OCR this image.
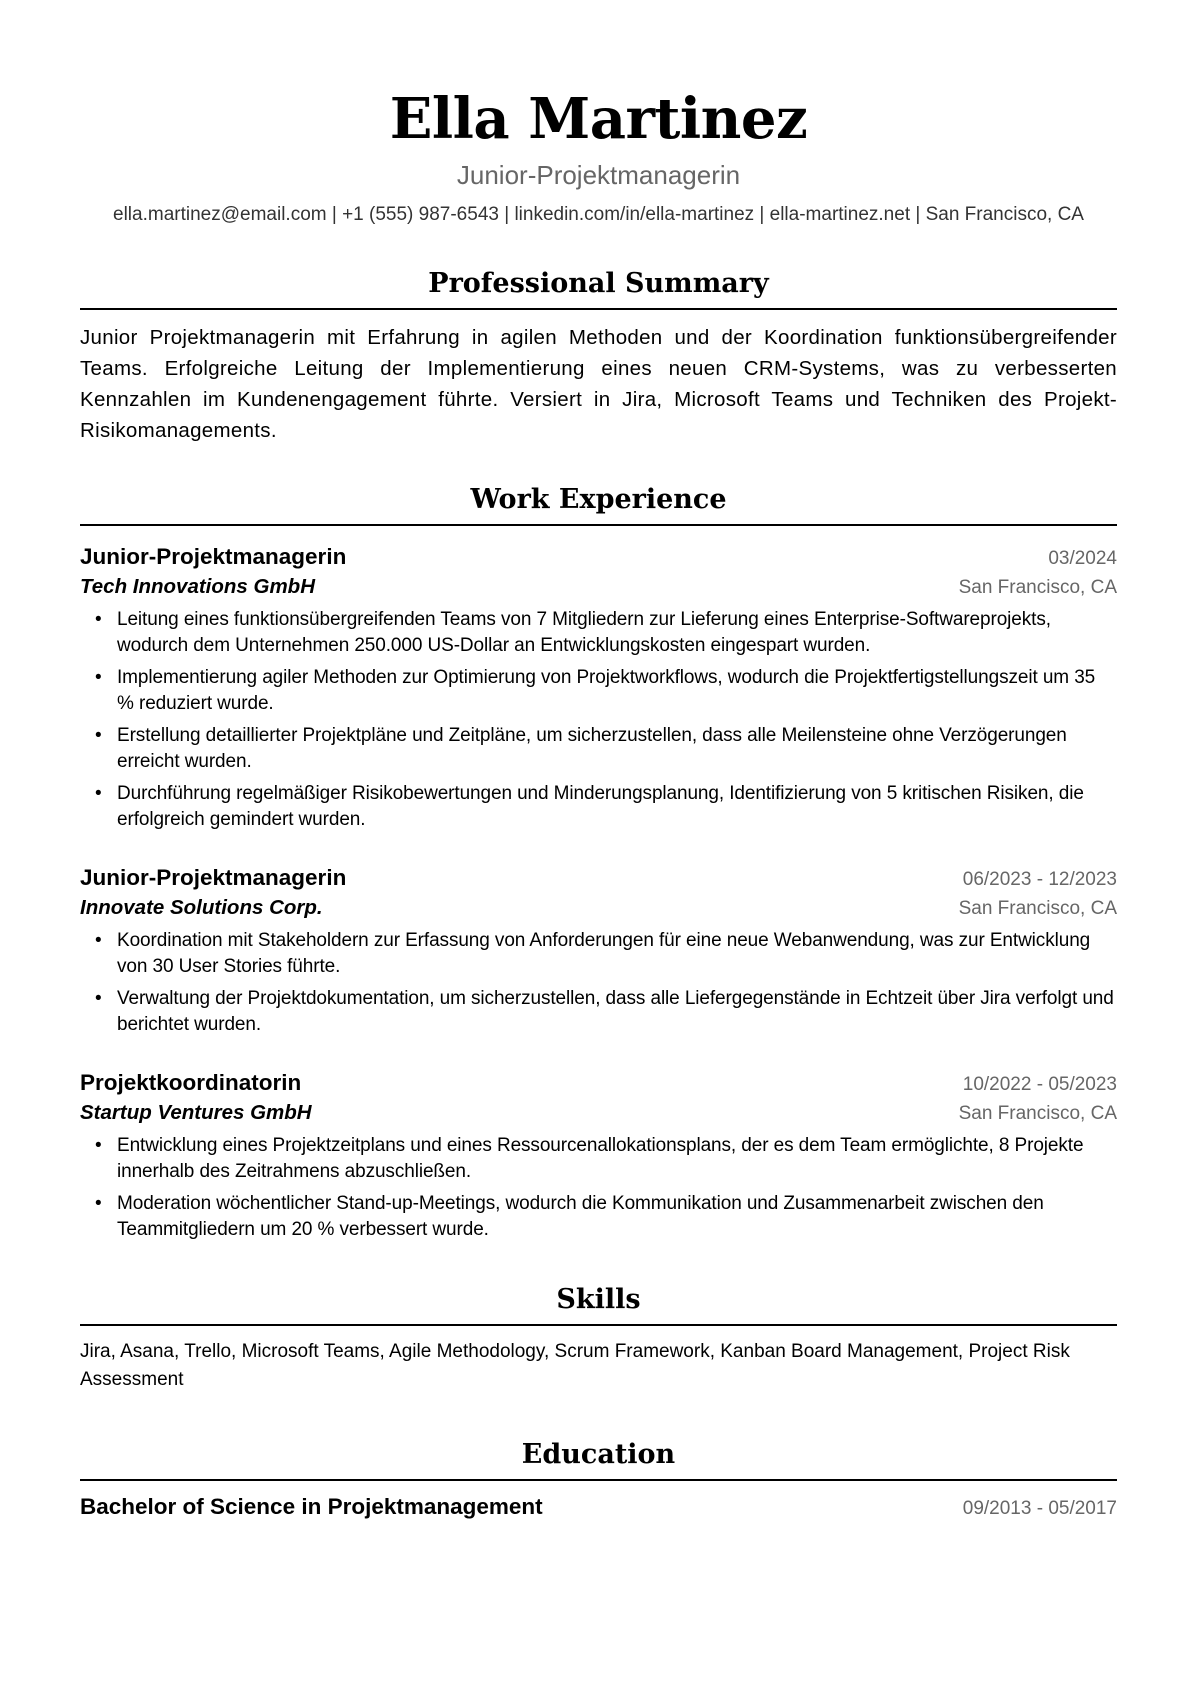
Ella Martinez
Junior-Projektmanagerin
ella.martinez@email.com | +1 (555) 987-6543 | linkedin.com/in/ella-martinez | ella-martinez.net | San Francisco, CA
Professional Summary
Junior Projektmanagerin mit Erfahrung in agilen Methoden und der Koordination funktionsübergreifender Teams. Erfolgreiche Leitung der Implementierung eines neuen CRM-Systems, was zu verbesserten Kennzahlen im Kundenengagement führte. Versiert in Jira, Microsoft Teams und Techniken des Projekt-Risikomanagements.
Work Experience
Junior-Projektmanagerin	03/2024
Tech Innovations GmbH	San Francisco, CA
• Leitung eines funktionsübergreifenden Teams von 7 Mitgliedern zur Lieferung eines Enterprise-Softwareprojekts, wodurch dem Unternehmen 250.000 US-Dollar an Entwicklungskosten eingespart wurden.
• Implementierung agiler Methoden zur Optimierung von Projektworkflows, wodurch die Projektfertigstellungszeit um 35 % reduziert wurde.
• Erstellung detaillierter Projektpläne und Zeitpläne, um sicherzustellen, dass alle Meilensteine ohne Verzögerungen erreicht wurden.
• Durchführung regelmäßiger Risikobewertungen und Minderungsplanung, Identifizierung von 5 kritischen Risiken, die erfolgreich gemindert wurden.
Junior-Projektmanagerin	06/2023 - 12/2023
Innovate Solutions Corp.	San Francisco, CA
• Koordination mit Stakeholdern zur Erfassung von Anforderungen für eine neue Webanwendung, was zur Entwicklung von 30 User Stories führte.
• Verwaltung der Projektdokumentation, um sicherzustellen, dass alle Liefergegenstände in Echtzeit über Jira verfolgt und berichtet wurden.
Projektkoordinatorin	10/2022 - 05/2023
Startup Ventures GmbH	San Francisco, CA
• Entwicklung eines Projektzeitplans und eines Ressourcenallokationsplans, der es dem Team ermöglichte, 8 Projekte innerhalb des Zeitrahmens abzuschließen.
• Moderation wöchentlicher Stand-up-Meetings, wodurch die Kommunikation und Zusammenarbeit zwischen den Teammitgliedern um 20 % verbessert wurde.
Skills
Jira, Asana, Trello, Microsoft Teams, Agile Methodology, Scrum Framework, Kanban Board Management, Project Risk Assessment
Education
Bachelor of Science in Projektmanagement	09/2013 - 05/2017
